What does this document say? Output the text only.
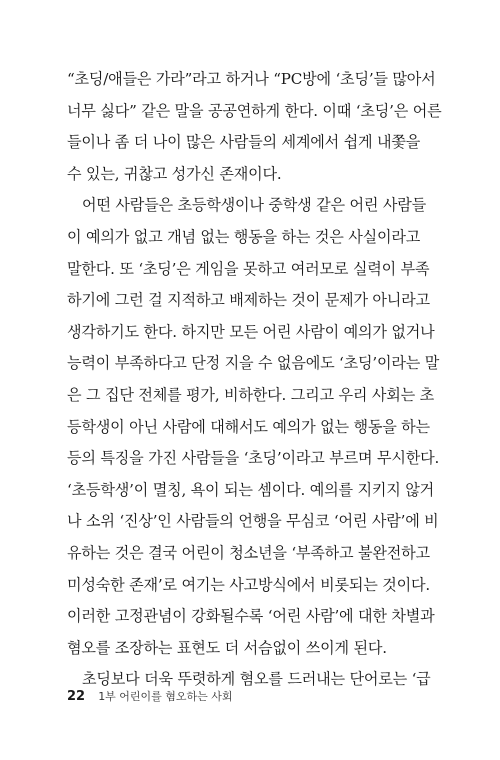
“초딩/애들은 가라”라고 하거나 “PC방에 ‘초딩’들 많아서
너무 싫다” 같은 말을 공공연하게 한다. 이때 ‘초딩’은 어른
들이나 좀 더 나이 많은 사람들의 세계에서 쉽게 내쫓을
수 있는, 귀찮고 성가신 존재이다.
어떤 사람들은 초등학생이나 중학생 같은 어린 사람들
이 예의가 없고 개념 없는 행동을 하는 것은 사실이라고
말한다. 또 ‘초딩’은 게임을 못하고 여러모로 실력이 부족
하기에 그런 걸 지적하고 배제하는 것이 문제가 아니라고
생각하기도 한다. 하지만 모든 어린 사람이 예의가 없거나
능력이 부족하다고 단정 지을 수 없음에도 ‘초딩’이라는 말
은 그 집단 전체를 평가, 비하한다. 그리고 우리 사회는 초
등학생이 아닌 사람에 대해서도 예의가 없는 행동을 하는
등의 특징을 가진 사람들을 ‘초딩’이라고 부르며 무시한다.
‘초등학생’이 멸칭, 욕이 되는 셈이다. 예의를 지키지 않거
나 소위 ‘진상’인 사람들의 언행을 무심코 ‘어린 사람’에 비
유하는 것은 결국 어린이 청소년을 ‘부족하고 불완전하고
미성숙한 존재’로 여기는 사고방식에서 비롯되는 것이다.
이러한 고정관념이 강화될수록 ‘어린 사람’에 대한 차별과
혐오를 조장하는 표현도 더 서슴없이 쓰이게 된다.
초딩보다 더욱 뚜렷하게 혐오를 드러내는 단어로는 ‘급
22 1부 어린이를 혐오하는 사회
